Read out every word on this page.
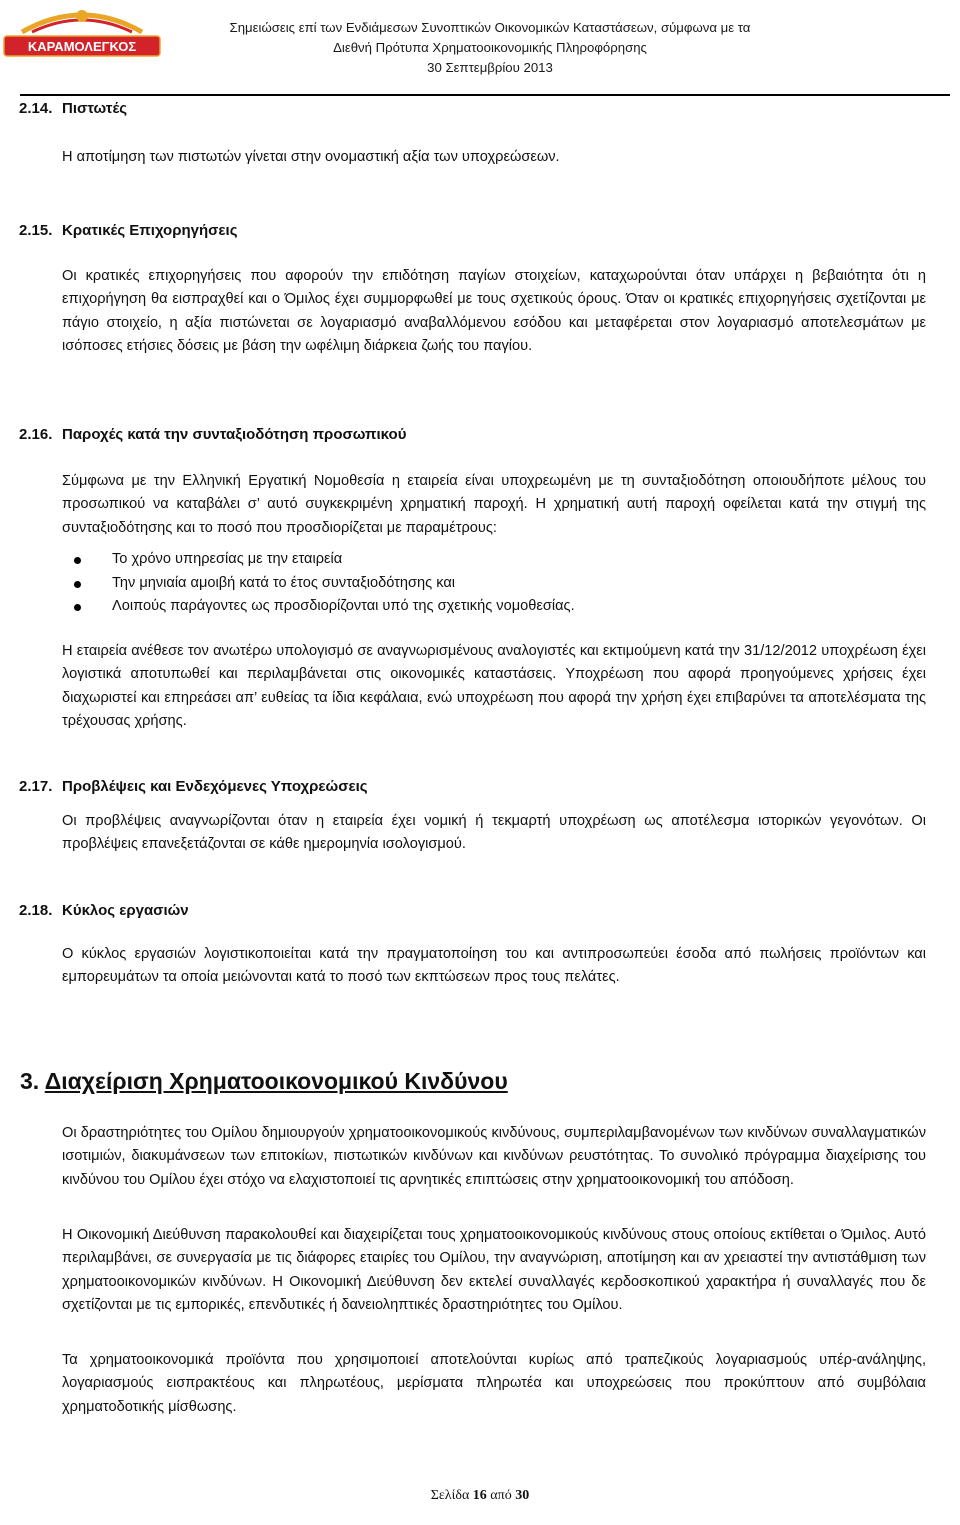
ΚΑΡΑΜΟΛΕΓΚΟΣ
Σημειώσεις επί των Ενδιάμεσων Συνοπτικών Οικονομικών Καταστάσεων, σύμφωνα με τα
Διεθνή Πρότυπα Χρηματοοικονομικής Πληροφόρησης
30 Σεπτεμβρίου 2013
2.14. Πιστωτές
Η αποτίμηση των πιστωτών γίνεται στην ονομαστική αξία των υποχρεώσεων.
2.15. Κρατικές Επιχορηγήσεις
Οι κρατικές επιχορηγήσεις που αφορούν την επιδότηση παγίων στοιχείων, καταχωρούνται όταν υπάρχει η βεβαιότητα ότι η επιχορήγηση θα εισπραχθεί και ο Όμιλος έχει συμμορφωθεί με τους σχετικούς όρους. Όταν οι κρατικές επιχορηγήσεις σχετίζονται με πάγιο στοιχείο, η αξία πιστώνεται σε λογαριασμό αναβαλλόμενου εσόδου και μεταφέρεται στον λογαριασμό αποτελεσμάτων με ισόποσες ετήσιες δόσεις με βάση την ωφέλιμη διάρκεια ζωής του παγίου.
2.16. Παροχές κατά την συνταξιοδότηση προσωπικού
Σύμφωνα με την Ελληνική Εργατική Νομοθεσία η εταιρεία είναι υποχρεωμένη με τη συνταξιοδότηση οποιουδήποτε μέλους του προσωπικού να καταβάλει σ’ αυτό συγκεκριμένη χρηματική παροχή. Η χρηματική αυτή παροχή οφείλεται κατά την στιγμή της συνταξιοδότησης και το ποσό που προσδιορίζεται με παραμέτρους:
Το χρόνο υπηρεσίας με την εταιρεία
Την μηνιαία αμοιβή κατά το έτος συνταξιοδότησης και
Λοιπούς παράγοντες ως προσδιορίζονται υπό της σχετικής νομοθεσίας.
Η εταιρεία ανέθεσε τον ανωτέρω υπολογισμό σε αναγνωρισμένους αναλογιστές και εκτιμούμενη κατά την 31/12/2012 υποχρέωση έχει λογιστικά αποτυπωθεί και περιλαμβάνεται στις οικονομικές καταστάσεις. Υποχρέωση που αφορά προηγούμενες χρήσεις έχει διαχωριστεί και επηρεάσει απ’ ευθείας τα ίδια κεφάλαια, ενώ υποχρέωση που αφορά την χρήση έχει επιβαρύνει τα αποτελέσματα της τρέχουσας χρήσης.
2.17. Προβλέψεις και Ενδεχόμενες Υποχρεώσεις
Οι προβλέψεις αναγνωρίζονται όταν η εταιρεία έχει νομική ή τεκμαρτή υποχρέωση ως αποτέλεσμα ιστορικών γεγονότων. Οι προβλέψεις επανεξετάζονται σε κάθε ημερομηνία ισολογισμού.
2.18. Κύκλος εργασιών
Ο κύκλος εργασιών λογιστικοποιείται κατά την πραγματοποίηση του και αντιπροσωπεύει έσοδα από πωλήσεις προϊόντων και εμπορευμάτων τα οποία μειώνονται κατά το ποσό των εκπτώσεων προς τους πελάτες.
3. Διαχείριση Χρηματοοικονομικού Κινδύνου
Οι δραστηριότητες του Ομίλου δημιουργούν χρηματοοικονομικούς κινδύνους, συμπεριλαμβανομένων των κινδύνων συναλλαγματικών ισοτιμιών, διακυμάνσεων των επιτοκίων, πιστωτικών κινδύνων και κινδύνων ρευστότητας. Το συνολικό πρόγραμμα διαχείρισης του κινδύνου του Ομίλου έχει στόχο να ελαχιστοποιεί τις αρνητικές επιπτώσεις στην χρηματοοικονομική του απόδοση.
Η Οικονομική Διεύθυνση παρακολουθεί και διαχειρίζεται τους χρηματοοικονομικούς κινδύνους στους οποίους εκτίθεται ο Όμιλος. Αυτό περιλαμβάνει, σε συνεργασία με τις διάφορες εταιρίες του Ομίλου, την αναγνώριση, αποτίμηση και αν χρειαστεί την αντιστάθμιση των χρηματοοικονομικών κινδύνων. Η Οικονομική Διεύθυνση δεν εκτελεί συναλλαγές κερδοσκοπικού χαρακτήρα ή συναλλαγές που δε σχετίζονται με τις εμπορικές, επενδυτικές ή δανειοληπτικές δραστηριότητες του Ομίλου.
Τα χρηματοοικονομικά προϊόντα που χρησιμοποιεί αποτελούνται κυρίως από τραπεζικούς λογαριασμούς υπέρ-ανάληψης, λογαριασμούς εισπρακτέους και πληρωτέους, μερίσματα πληρωτέα και υποχρεώσεις που προκύπτουν από συμβόλαια χρηματοδοτικής μίσθωσης.
Σελίδα 16 από 30
